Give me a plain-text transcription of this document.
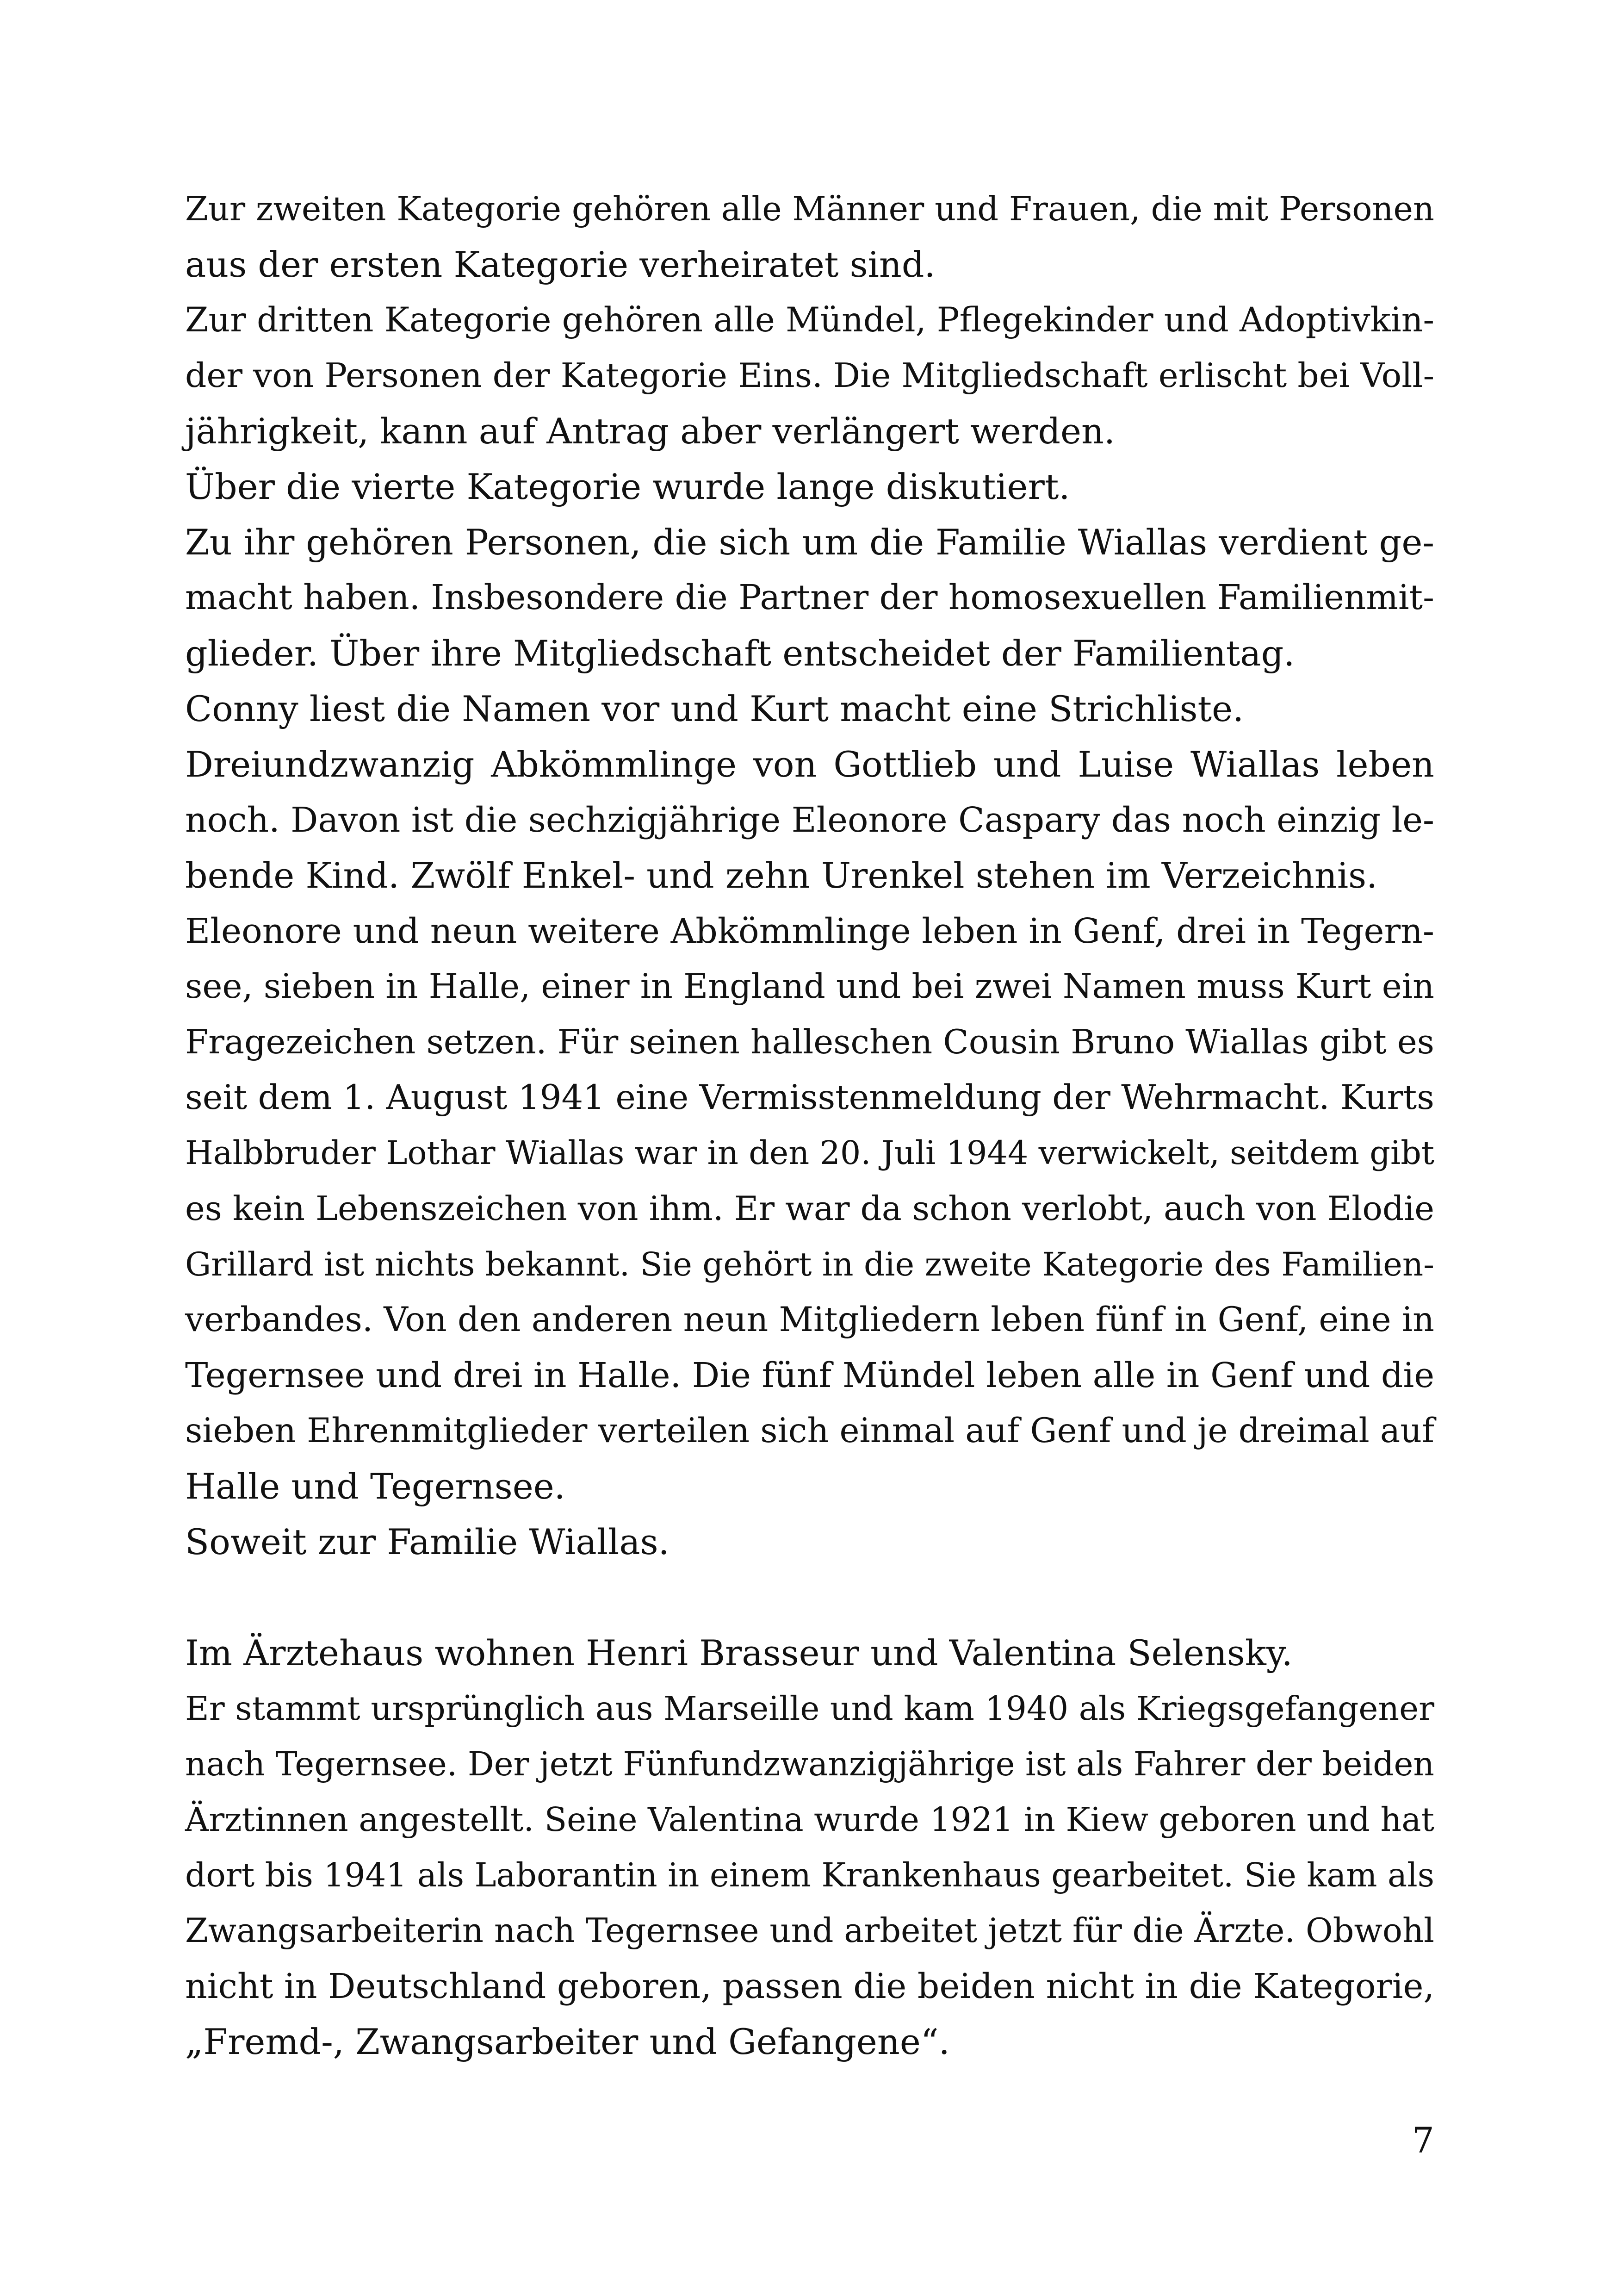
Zur zweiten Kategorie gehören alle Männer und Frauen, die mit Personen
aus der ersten Kategorie verheiratet sind.
Zur dritten Kategorie gehören alle Mündel, Pflegekinder und Adoptivkin-
der von Personen der Kategorie Eins. Die Mitgliedschaft erlischt bei Voll-
jährigkeit, kann auf Antrag aber verlängert werden.
Über die vierte Kategorie wurde lange diskutiert.
Zu ihr gehören Personen, die sich um die Familie Wiallas verdient ge-
macht haben. Insbesondere die Partner der homosexuellen Familienmit-
glieder. Über ihre Mitgliedschaft entscheidet der Familientag.
Conny liest die Namen vor und Kurt macht eine Strichliste.
Dreiundzwanzig Abkömmlinge von Gottlieb und Luise Wiallas leben
noch. Davon ist die sechzigjährige Eleonore Caspary das noch einzig le-
bende Kind. Zwölf Enkel- und zehn Urenkel stehen im Verzeichnis.
Eleonore und neun weitere Abkömmlinge leben in Genf, drei in Tegern-
see, sieben in Halle, einer in England und bei zwei Namen muss Kurt ein
Fragezeichen setzen. Für seinen halleschen Cousin Bruno Wiallas gibt es
seit dem 1. August 1941 eine Vermisstenmeldung der Wehrmacht. Kurts
Halbbruder Lothar Wiallas war in den 20. Juli 1944 verwickelt, seitdem gibt
es kein Lebenszeichen von ihm. Er war da schon verlobt, auch von Elodie
Grillard ist nichts bekannt. Sie gehört in die zweite Kategorie des Familien-
verbandes. Von den anderen neun Mitgliedern leben fünf in Genf, eine in
Tegernsee und drei in Halle. Die fünf Mündel leben alle in Genf und die
sieben Ehrenmitglieder verteilen sich einmal auf Genf und je dreimal auf
Halle und Tegernsee.
Soweit zur Familie Wiallas.
Im Ärztehaus wohnen Henri Brasseur und Valentina Selensky.
Er stammt ursprünglich aus Marseille und kam 1940 als Kriegsgefangener
nach Tegernsee. Der jetzt Fünfundzwanzigjährige ist als Fahrer der beiden
Ärztinnen angestellt. Seine Valentina wurde 1921 in Kiew geboren und hat
dort bis 1941 als Laborantin in einem Krankenhaus gearbeitet. Sie kam als
Zwangsarbeiterin nach Tegernsee und arbeitet jetzt für die Ärzte. Obwohl
nicht in Deutschland geboren, passen die beiden nicht in die Kategorie,
„Fremd-, Zwangsarbeiter und Gefangene“.
7
